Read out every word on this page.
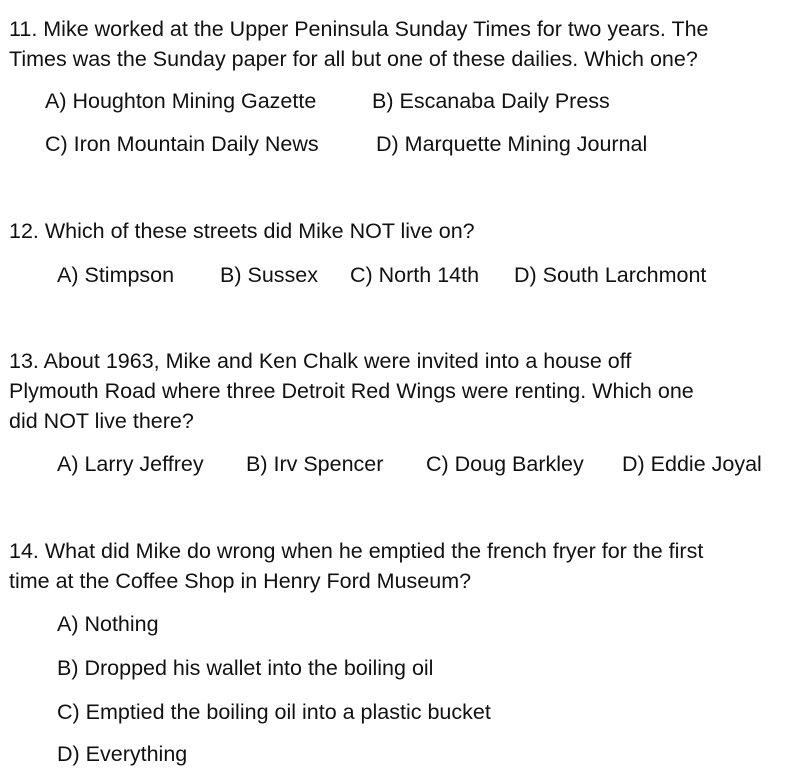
11. Mike worked at the Upper Peninsula Sunday Times for two years. The
Times was the Sunday paper for all but one of these dailies. Which one?
A) Houghton Mining Gazette	B) Escanaba Daily Press
C) Iron Mountain Daily News	D) Marquette Mining Journal
12. Which of these streets did Mike NOT live on?
A) Stimpson B) Sussex C) North 14th D) South Larchmont
13. About 1963, Mike and Ken Chalk were invited into a house off
Plymouth Road where three Detroit Red Wings were renting. Which one
did NOT live there?
A) Larry Jeffrey B) Irv Spencer C) Doug Barkley D) Eddie Joyal
14. What did Mike do wrong when he emptied the french fryer for the first
time at the Coffee Shop in Henry Ford Museum?
A) Nothing
B) Dropped his wallet into the boiling oil
C) Emptied the boiling oil into a plastic bucket
D) Everything
